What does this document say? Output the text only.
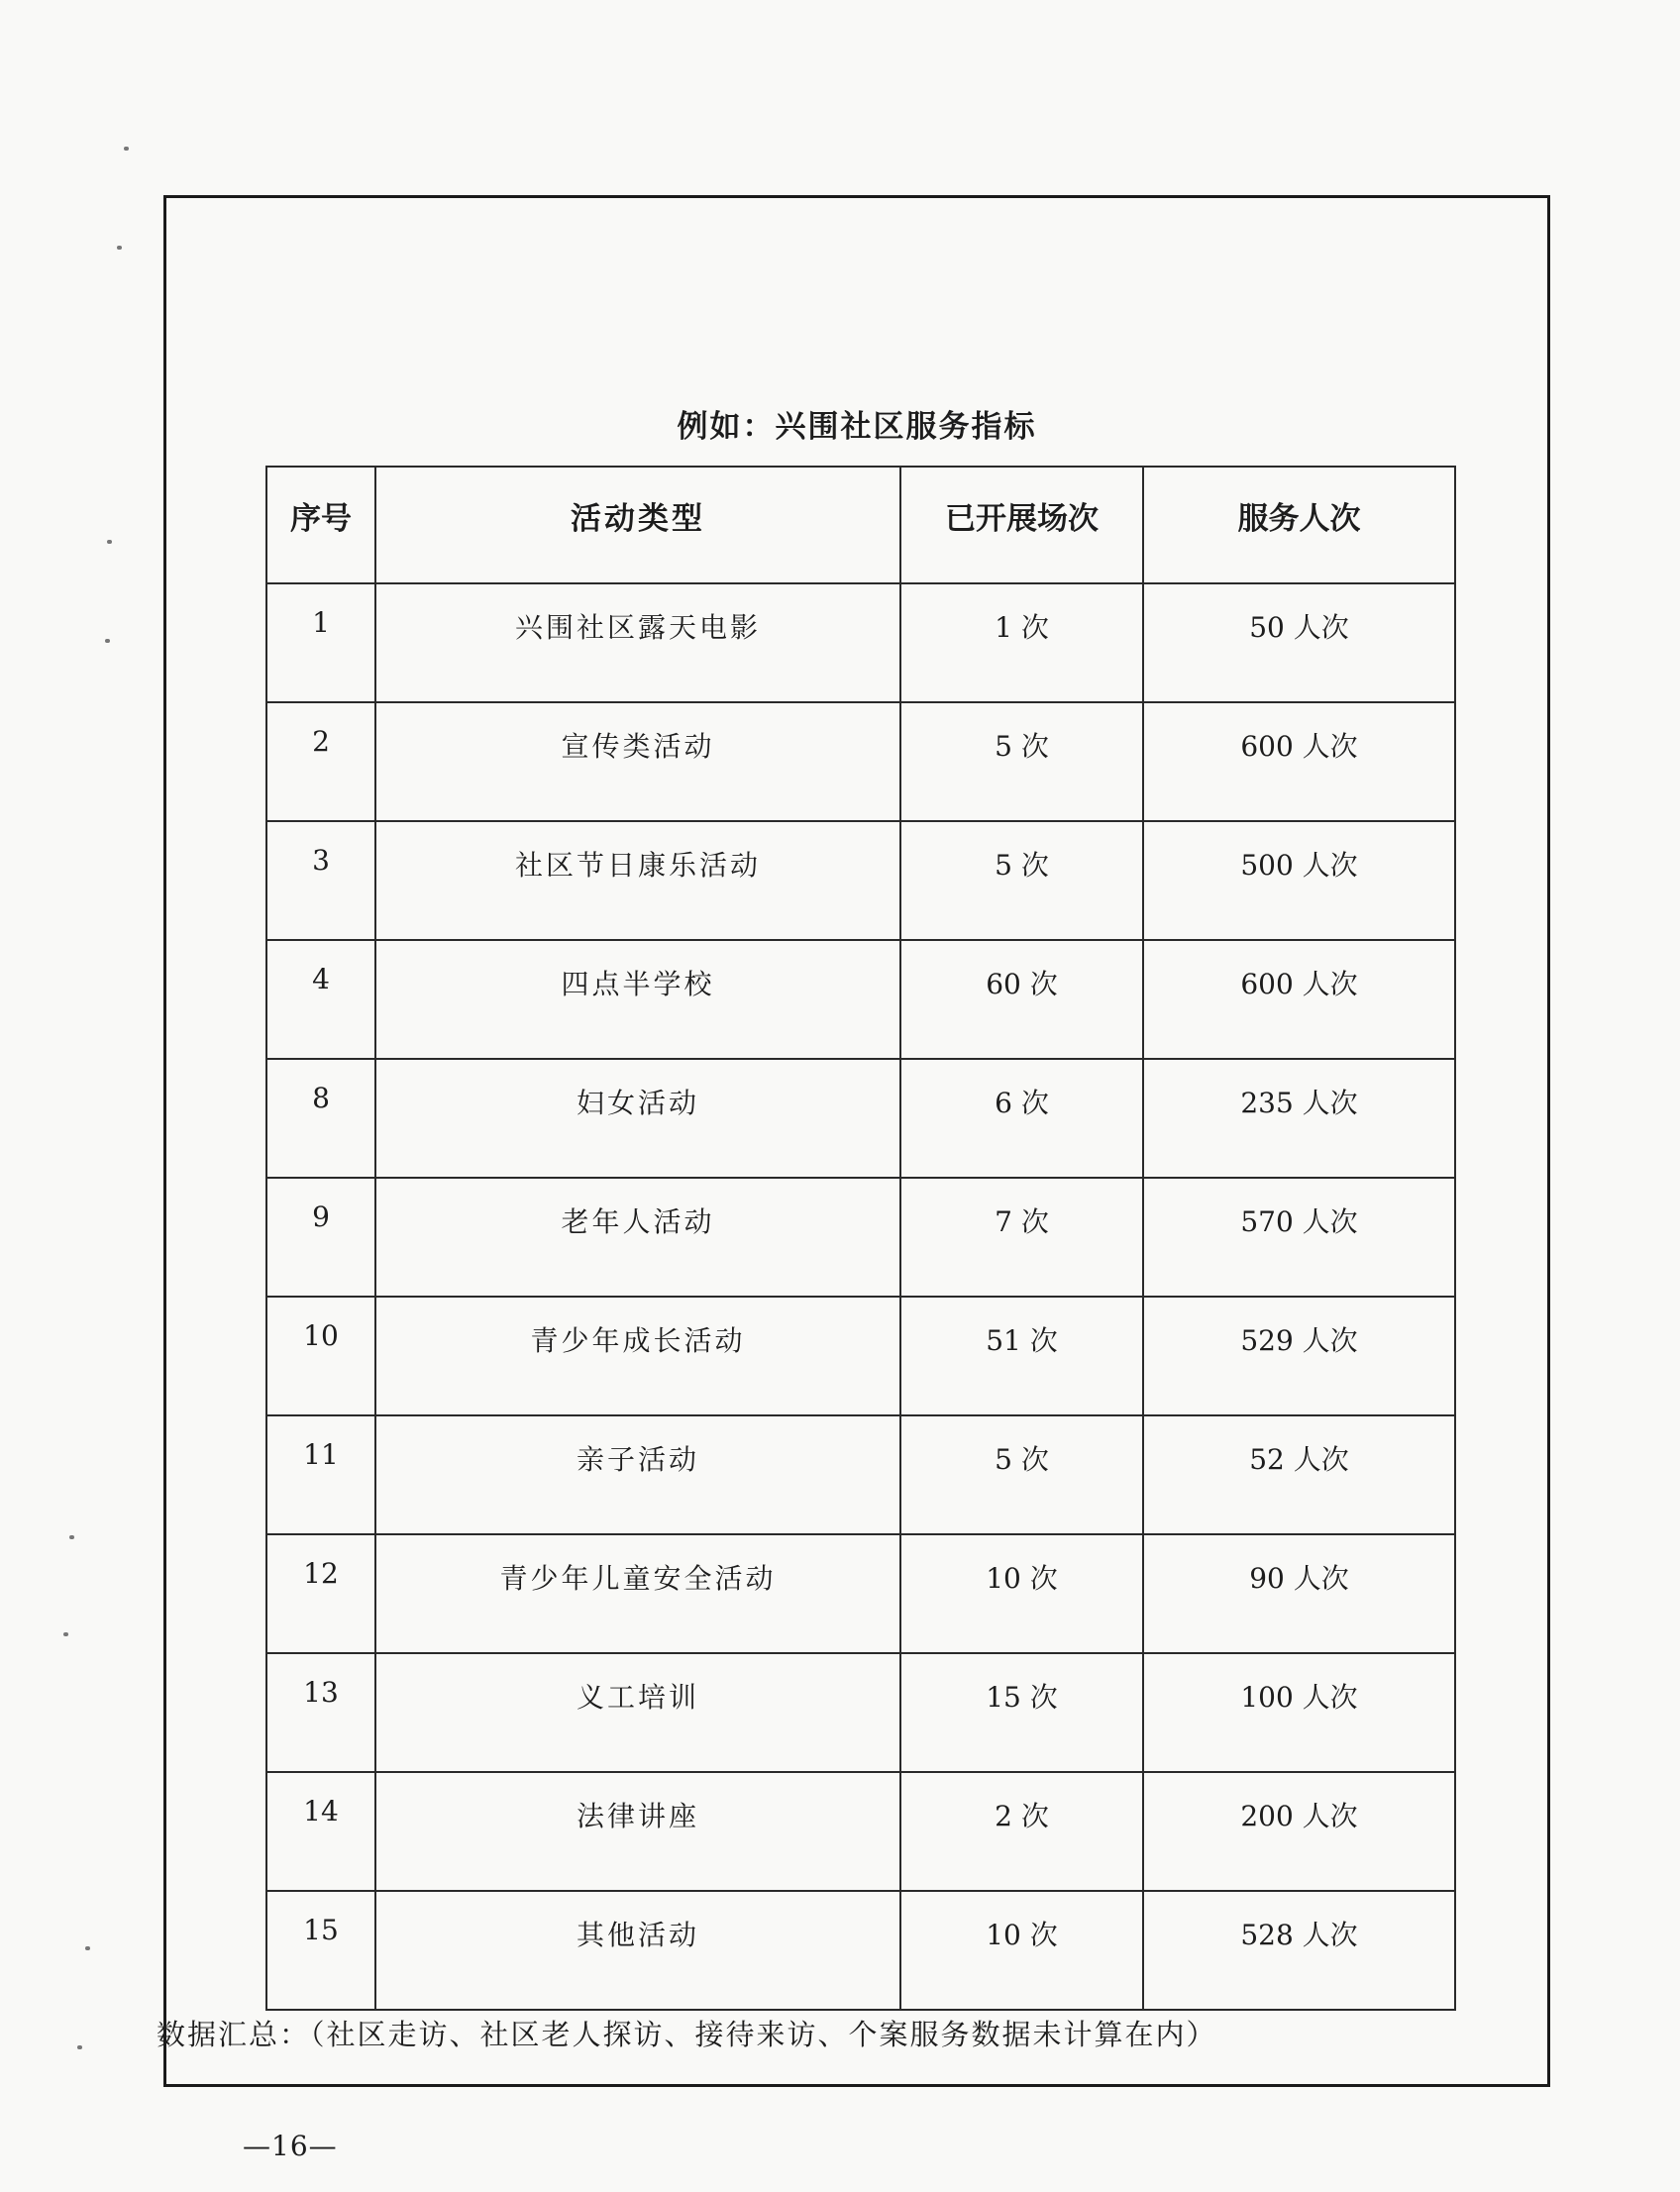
例如：兴围社区服务指标
序号	活动类型	已开展场次	服务人次
1	兴围社区露天电影	1 次	50 人次
2	宣传类活动	5 次	600 人次
3	社区节日康乐活动	5 次	500 人次
4	四点半学校	60 次	600 人次
8	妇女活动	6 次	235 人次
9	老年人活动	7 次	570 人次
10	青少年成长活动	51 次	529 人次
11	亲子活动	5 次	52 人次
12	青少年儿童安全活动	10 次	90 人次
13	义工培训	15 次	100 人次
14	法律讲座	2 次	200 人次
15	其他活动	10 次	528 人次
数据汇总：（社区走访、社区老人探访、接待来访、个案服务数据未计算在内）
—16—
